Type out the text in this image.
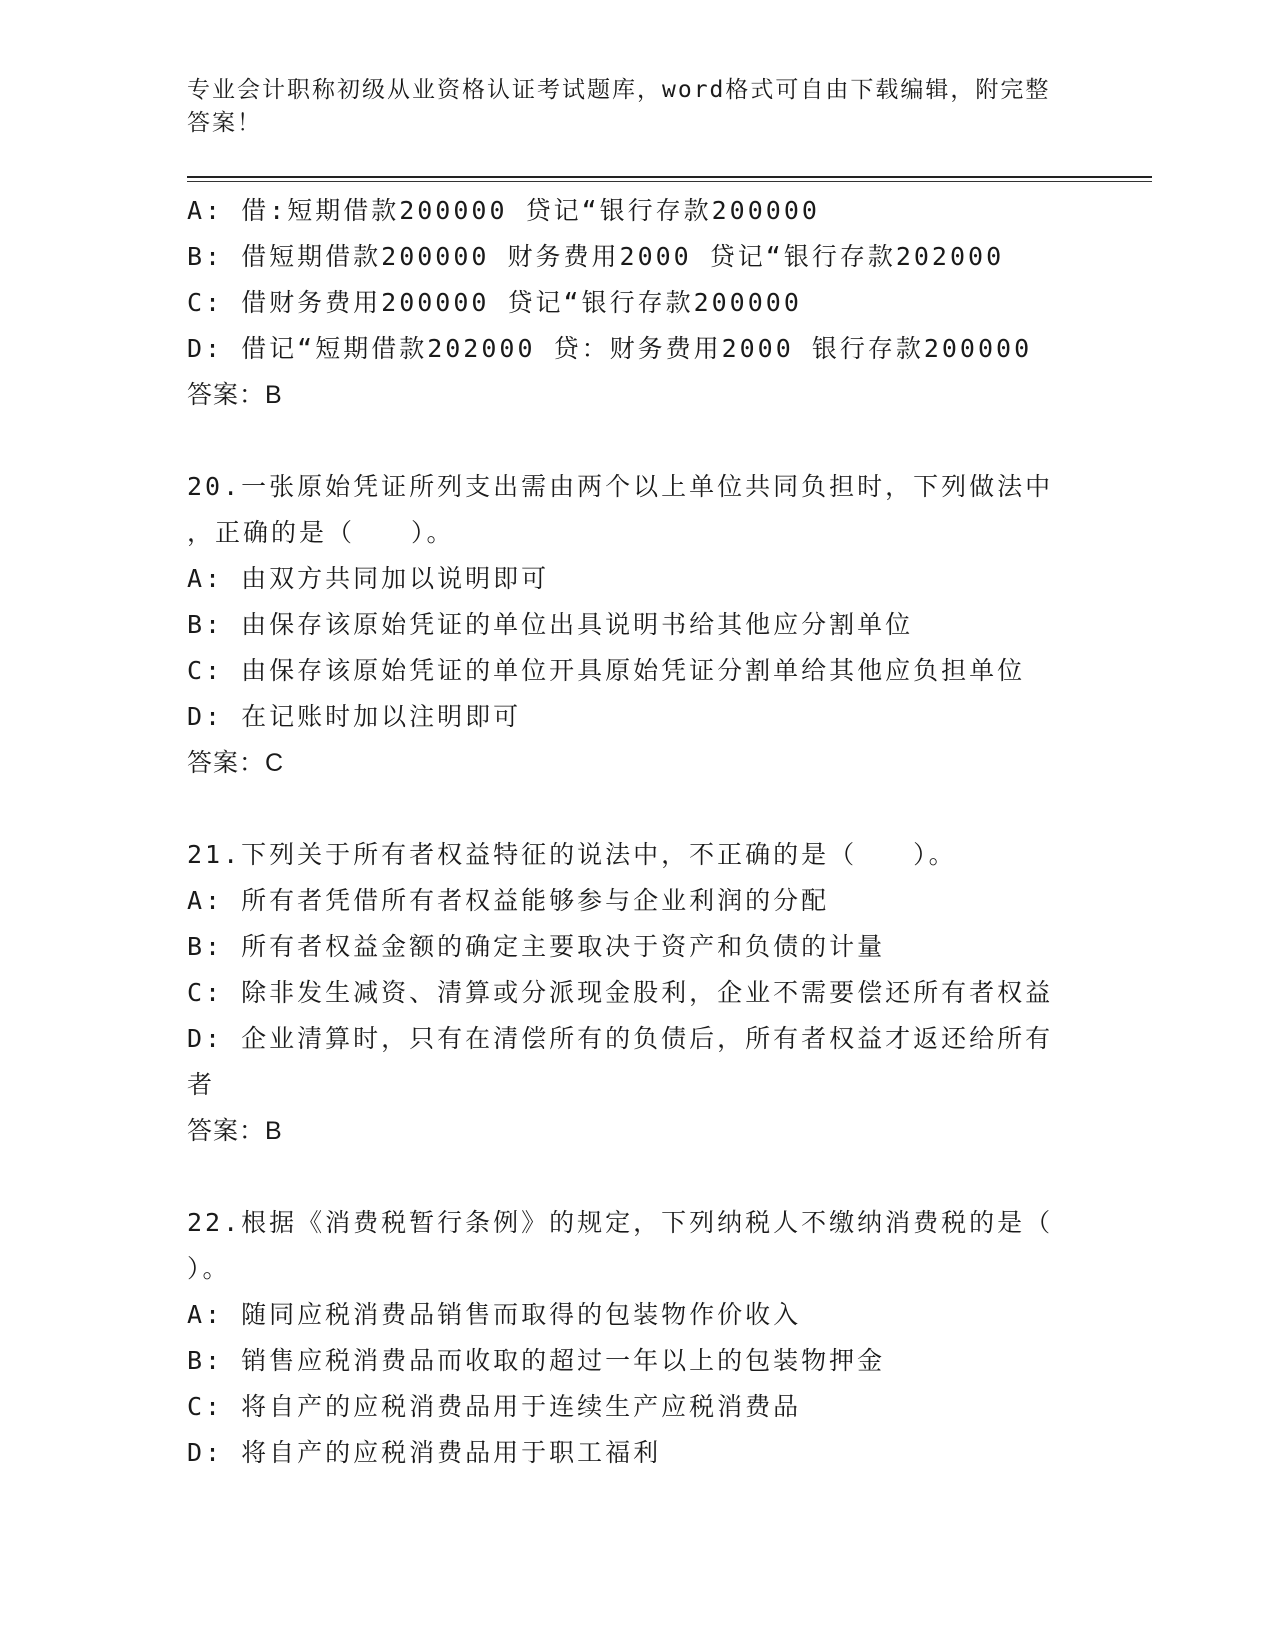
专业会计职称初级从业资格认证考试题库，word格式可自由下载编辑，附完整答案！

A: 借:短期借款200000 贷记“银行存款200000

B: 借短期借款200000 财务费用2000 贷记“银行存款202000

C: 借财务费用200000 贷记“银行存款200000

D: 借记“短期借款202000 贷：财务费用2000 银行存款200000

答案：B

20.一张原始凭证所列支出需由两个以上单位共同负担时，下列做法中

，正确的是（　　）。

A: 由双方共同加以说明即可

B: 由保存该原始凭证的单位出具说明书给其他应分割单位

C: 由保存该原始凭证的单位开具原始凭证分割单给其他应负担单位

D: 在记账时加以注明即可

答案：C

21.下列关于所有者权益特征的说法中，不正确的是（　　）。

A: 所有者凭借所有者权益能够参与企业利润的分配

B: 所有者权益金额的确定主要取决于资产和负债的计量

C: 除非发生减资、清算或分派现金股利，企业不需要偿还所有者权益

D: 企业清算时，只有在清偿所有的负债后，所有者权益才返还给所有

者

答案：B

22.根据《消费税暂行条例》的规定，下列纳税人不缴纳消费税的是（

）。

A: 随同应税消费品销售而取得的包装物作价收入

B: 销售应税消费品而收取的超过一年以上的包装物押金

C: 将自产的应税消费品用于连续生产应税消费品

D: 将自产的应税消费品用于职工福利
